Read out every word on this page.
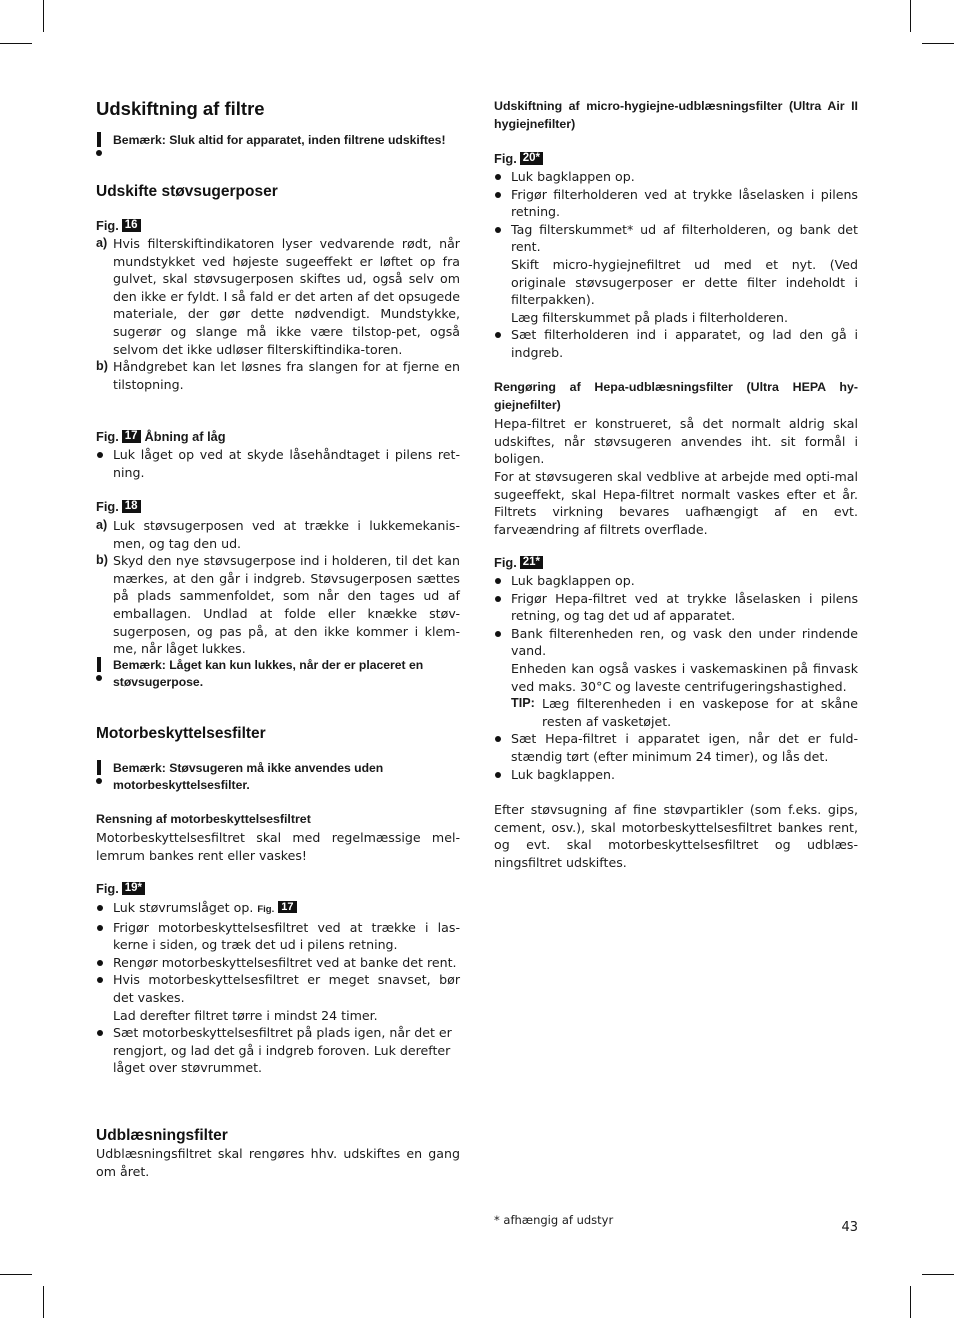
Udskiftning af filtre
Bemærk: Sluk altid for apparatet, inden filtrene udskiftes!
Udskifte støvsugerposer
Fig. 16
a) Hvis filterskiftindikatoren lyser vedvarende rødt, når mundstykket ved højeste sugeeffekt er løftet op fra gulvet, skal støvsugerposen skiftes ud, også selv om den ikke er fyldt. I så fald er det arten af det opsugede materiale, der gør dette nødvendigt. Mundstykke, sugerør og slange må ikke være tilstop-pet, også selvom det ikke udløser filterskiftindika-toren.
b) Håndgrebet kan let løsnes fra slangen for at fjerne en tilstopning.
Fig. 17 Åbning af låg
Luk låget op ved at skyde låsehåndtaget i pilens ret-ning.
Fig. 18
a) Luk støvsugerposen ved at trække i lukkemekanis-men, og tag den ud.
b) Skyd den nye støvsugerpose ind i holderen, til det kan mærkes, at den går i indgreb. Støvsugerposen sættes på plads sammenfoldet, som når den tages ud af emballagen. Undlad at folde eller knække støv-sugerposen, og pas på, at den ikke kommer i klem-me, når låget lukkes.
Bemærk: Låget kan kun lukkes, når der er placeret en støvsugerpose.
Motorbeskyttelsesfilter
Bemærk: Støvsugeren må ikke anvendes uden motorbeskyttelsesfilter.
Rensning af motorbeskyttelsesfiltret
Motorbeskyttelsesfiltret skal med regelmæssige mel-lemrum bankes rent eller vaskes!
Fig. 19*
Luk støvrumslåget op. Fig. 17
Frigør motorbeskyttelsesfiltret ved at trække i las-kerne i siden, og træk det ud i pilens retning.
Rengør motorbeskyttelsesfiltret ved at banke det rent.
Hvis motorbeskyttelsesfiltret er meget snavset, bør det vaskes.
Lad derefter filtret tørre i mindst 24 timer.
Sæt motorbeskyttelsesfiltret på plads igen, når det er rengjort, og lad det gå i indgreb foroven. Luk derefter låget over støvrummet.
Udblæsningsfilter
Udblæsningsfiltret skal rengøres hhv. udskiftes en gang om året.
Udskiftning af micro-hygiejne-udblæsningsfilter (Ultra Air II hygiejnefilter)
Fig. 20*
Luk bagklappen op.
Frigør filterholderen ved at trykke låselasken i pilens retning.
Tag filterskummet* ud af filterholderen, og bank det rent.
Skift micro-hygiejnefiltret ud med et nyt. (Ved originale støvsugerposer er dette filter indeholdt i filterpakken).
Læg filterskummet på plads i filterholderen.
Sæt filterholderen ind i apparatet, og lad den gå i indgreb.
Rengøring af Hepa-udblæsningsfilter (Ultra HEPA hy-giejnefilter)
Hepa-filtret er konstrueret, så det normalt aldrig skal udskiftes, når støvsugeren anvendes iht. sit formål i boligen.
For at støvsugeren skal vedblive at arbejde med opti-mal sugeeffekt, skal Hepa-filtret normalt vaskes efter et år. Filtrets virkning bevares uafhængigt af en evt. farveændring af filtrets overflade.
Fig. 21*
Luk bagklappen op.
Frigør Hepa-filtret ved at trykke låselasken i pilens retning, og tag det ud af apparatet.
Bank filterenheden ren, og vask den under rindende vand.
Enheden kan også vaskes i vaskemaskinen på finvask ved maks. 30°C og laveste centrifugeringshastighed.
TIP: Læg filterenheden i en vaskepose for at skåne resten af vasketøjet.
Sæt Hepa-filtret i apparatet igen, når det er fuld-stændig tørt (efter minimum 24 timer), og lås det.
Luk bagklappen.
Efter støvsugning af fine støvpartikler (som f.eks. gips, cement, osv.), skal motorbeskyttelsesfiltret bankes rent, og evt. skal motorbeskyttelsesfiltret og udblæs-ningsfiltret udskiftes.
* afhængig af udstyr	43
